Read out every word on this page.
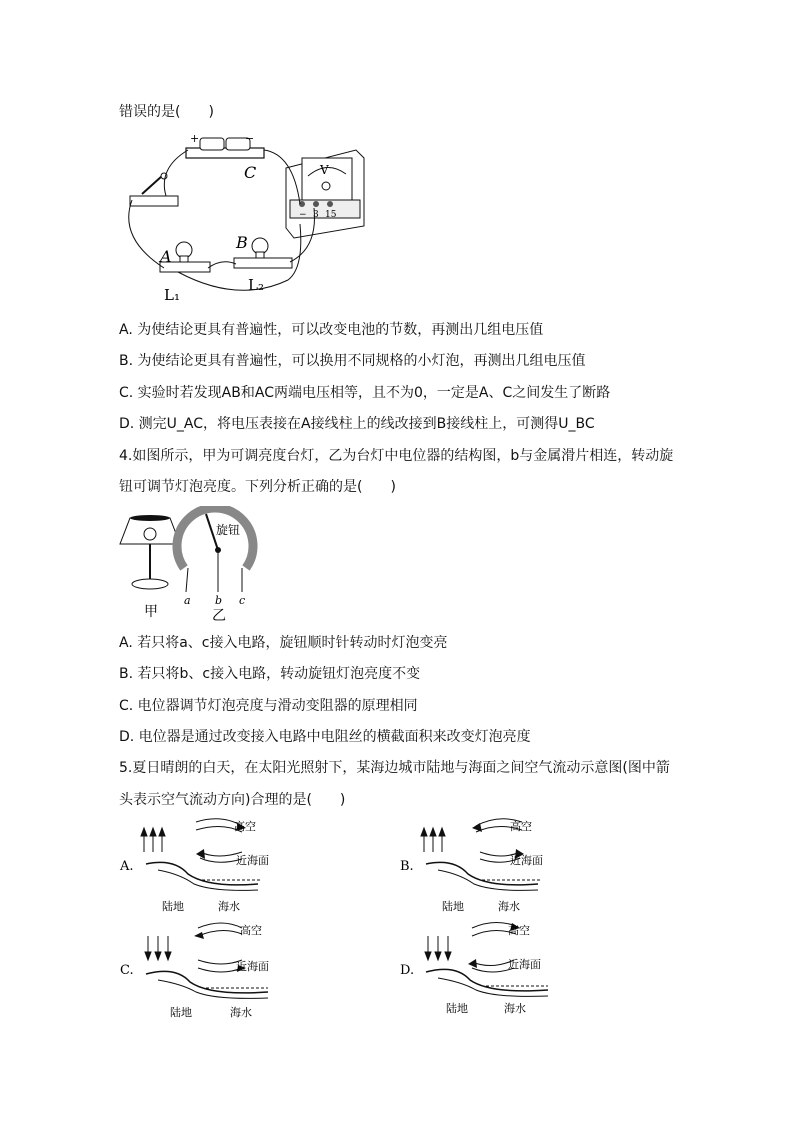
错误的是(　　)
+	−
C	V
− 3 15
A
B
L₁
L₂
A. 为使结论更具有普遍性，可以改变电池的节数，再测出几组电压值
B. 为使结论更具有普遍性，可以换用不同规格的小灯泡，再测出几组电压值
C. 实验时若发现AB和AC两端电压相等，且不为0，一定是A、C之间发生了断路
D. 测完U_AC，将电压表接在A接线柱上的线改接到B接线柱上，可测得U_BC
4.如图所示，甲为可调亮度台灯，乙为台灯中电位器的结构图，b与金属滑片相连，转动旋
钮可调节灯泡亮度。下列分析正确的是(　　)
甲
旋钮
a b c
乙
A. 若只将a、c接入电路，旋钮顺时针转动时灯泡变亮
B. 若只将b、c接入电路，转动旋钮灯泡亮度不变
C. 电位器调节灯泡亮度与滑动变阻器的原理相同
D. 电位器是通过改变接入电路中电阻丝的横截面积来改变灯泡亮度
5.夏日晴朗的白天，在太阳光照射下，某海边城市陆地与海面之间空气流动示意图(图中箭
头表示空气流动方向)合理的是(　　)
A.
高空
近海面
陆地	海水
B.
高空
近海面
陆地	海水
C.
高空
近海面
陆地	海水
D.
高空
近海面
陆地	海水
